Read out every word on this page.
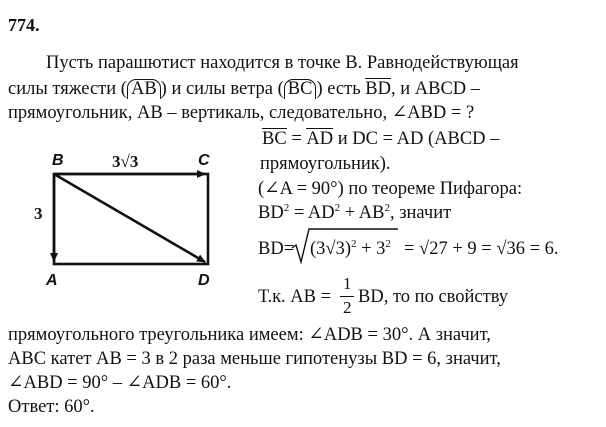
774.
Пусть парашютист находится в точке B. Равнодействующая
силы тяжести ( AB ) и силы ветра ( BC ) есть BD, и ABCD –
прямоугольник, AB – вертикаль, следовательно, ∠ABD = ?
BC = AD и DC = AD (ABCD –
прямоугольник).
(∠A = 90°) по теореме Пифагора:
$BD^2 = AD^2 + AB^2$, значит
$BD= (3√3)^2 + 3^2 = √27 + 9 = √36 = 6$.
Т.к. AB =
1
2
BD, то по свойству
прямоугольного треугольника имеем: ∠ADB = 30°. А значит,
ABC катет AB = 3 в 2 раза меньше гипотенузы BD = 6, значит,
∠ABD = 90° – ∠ADB = 60°.
Ответ: 60°.
B	C
A	D
3√3
3
